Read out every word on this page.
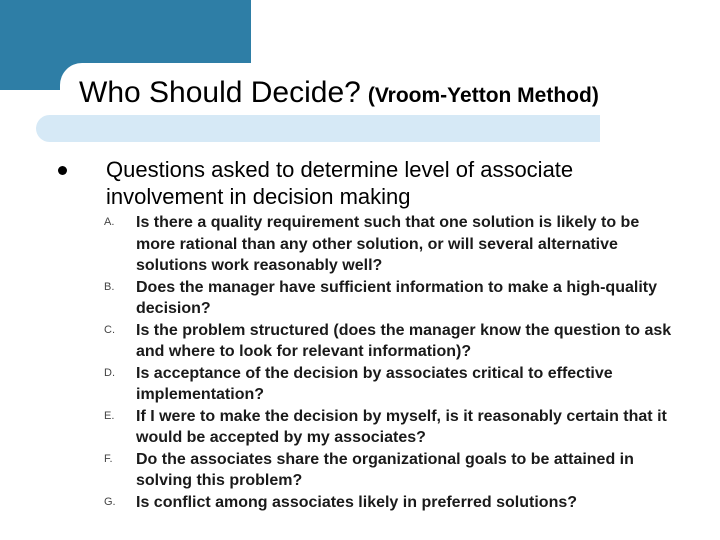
Who Should Decide? (Vroom-Yetton Method)
Questions asked to determine level of associate involvement in decision making
A.	Is there a quality requirement such that one solution is likely to be
more rational than any other solution, or will several alternative
solutions work reasonably well?
B.	Does the manager have sufficient information to make a high-quality
decision?
C.	Is the problem structured (does the manager know the question to ask
and where to look for relevant information)?
D.	Is acceptance of the decision by associates critical to effective
implementation?
E.	If I were to make the decision by myself, is it reasonably certain that it
would be accepted by my associates?
F.	Do the associates share the organizational goals to be attained in
solving this problem?
G.	Is conflict among associates likely in preferred solutions?
